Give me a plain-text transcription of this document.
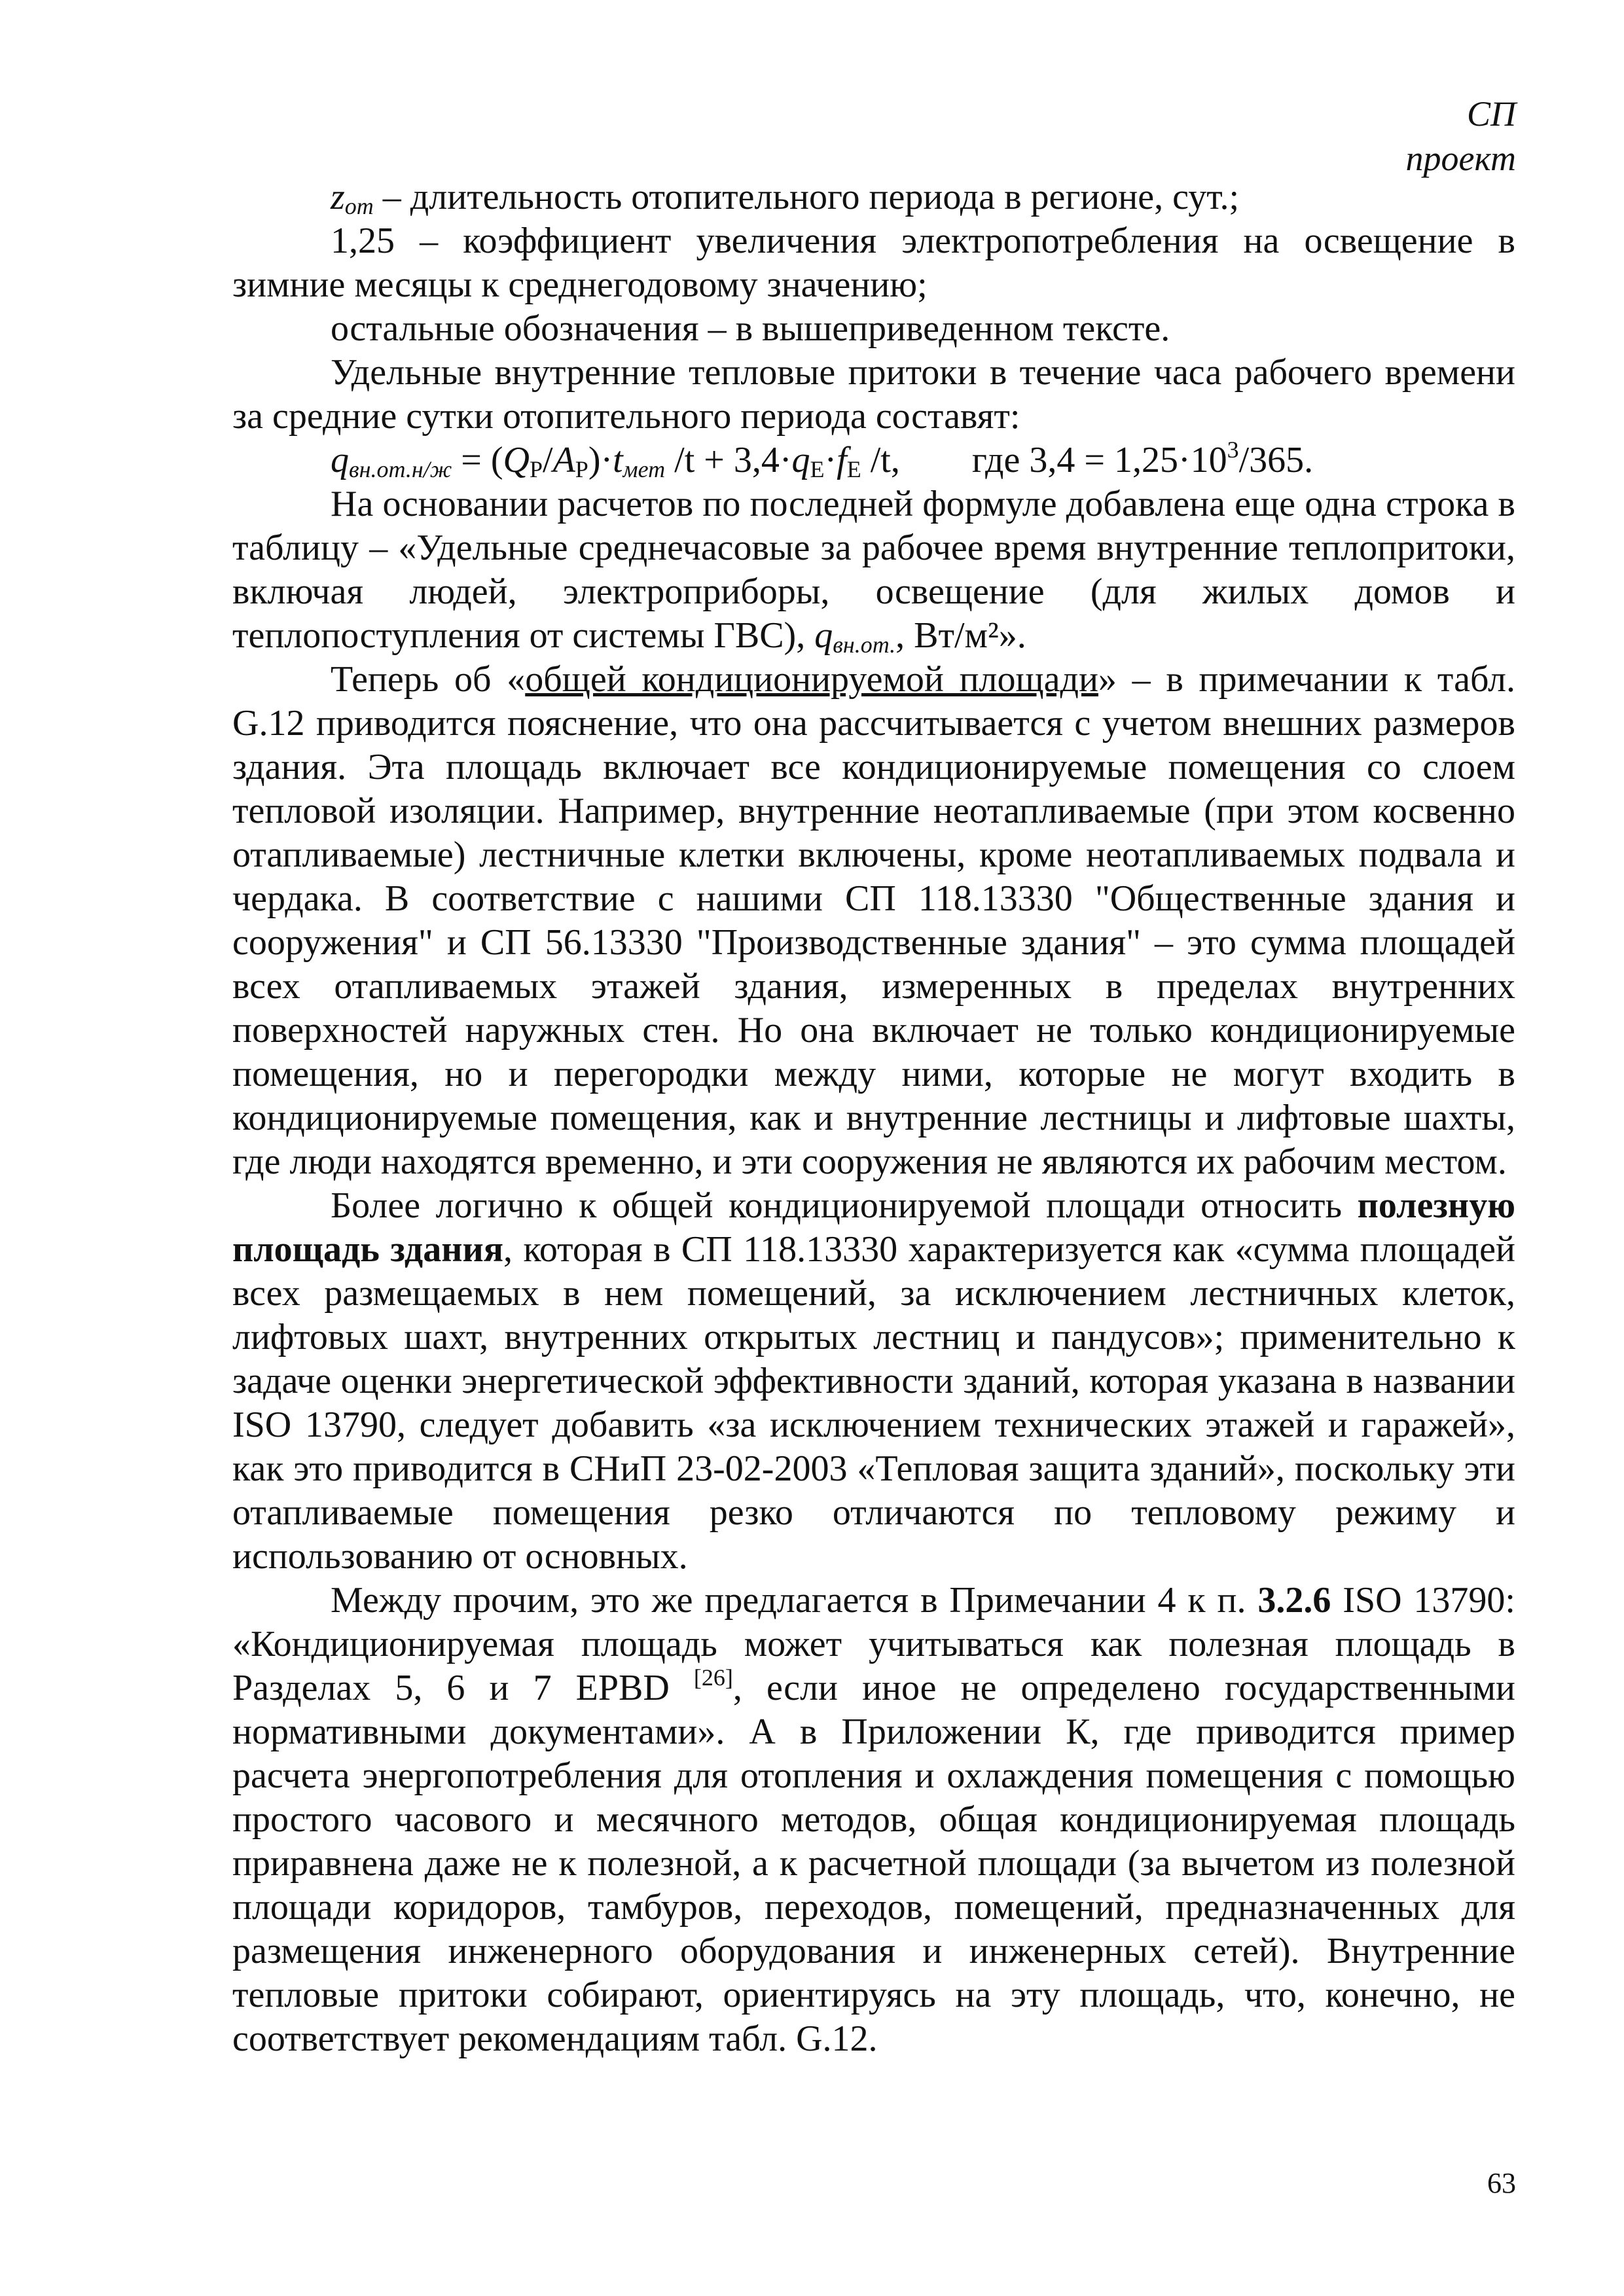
СП
проект

$z_{от}$ – длительность отопительного периода в регионе, сут.;

1,25 – коэффициент увеличения электропотребления на освещение в зимние месяцы к среднегодовому значению;

остальные обозначения – в вышеприведенном тексте.

Удельные внутренние тепловые притоки в течение часа рабочего времени за средние сутки отопительного периода составят:

$q_{вн.от.н/ж} = (Q_Р/A_Р)\cdot t_{мет}$ $/t + 3,4\cdot q_Е\cdot f_Е$ /t, где $3,4 = 1,25\cdot 10^3/365$.

На основании расчетов по последней формуле добавлена еще одна строка в таблицу – «Удельные среднечасовые за рабочее время внутренние теплопритоки, включая людей, электроприборы, освещение (для жилых домов и теплопоступления от системы ГВС), $q_{вн.от.}$, Вт/м²».

Теперь об «общей кондиционируемой площади» – в примечании к табл. G.12 приводится пояснение, что она рассчитывается с учетом внешних размеров здания. Эта площадь включает все кондиционируемые помещения со слоем тепловой изоляции. Например, внутренние неотапливаемые (при этом косвенно отапливаемые) лестничные клетки включены, кроме неотапливаемых подвала и чердака. В соответствие с нашими СП 118.13330 "Общественные здания и сооружения" и СП 56.13330 "Производственные здания" – это сумма площадей всех отапливаемых этажей здания, измеренных в пределах внутренних поверхностей наружных стен. Но она включает не только кондиционируемые помещения, но и перегородки между ними, которые не могут входить в кондиционируемые помещения, как и внутренние лестницы и лифтовые шахты, где люди находятся временно, и эти сооружения не являются их рабочим местом.

Более логично к общей кондиционируемой площади относить полезную площадь здания, которая в СП 118.13330 характеризуется как «сумма площадей всех размещаемых в нем помещений, за исключением лестничных клеток, лифтовых шахт, внутренних открытых лестниц и пандусов»; применительно к задаче оценки энергетической эффективности зданий, которая указана в названии ISO 13790, следует добавить «за исключением технических этажей и гаражей», как это приводится в СНиП 23-02-2003 «Тепловая защита зданий», поскольку эти отапливаемые помещения резко отличаются по тепловому режиму и использованию от основных.

Между прочим, это же предлагается в Примечании 4 к п. 3.2.6 ISO 13790: «Кондиционируемая площадь может учитываться как полезная площадь в Разделах 5, 6 и 7 EPBD [26], если иное не определено государственными нормативными документами». А в Приложении К, где приводится пример расчета энергопотребления для отопления и охлаждения помещения с помощью простого часового и месячного методов, общая кондиционируемая площадь приравнена даже не к полезной, а к расчетной площади (за вычетом из полезной площади коридоров, тамбуров, переходов, помещений, предназначенных для размещения инженерного оборудования и инженерных сетей). Внутренние тепловые притоки собирают, ориентируясь на эту площадь, что, конечно, не соответствует рекомендациям табл. G.12.

63
